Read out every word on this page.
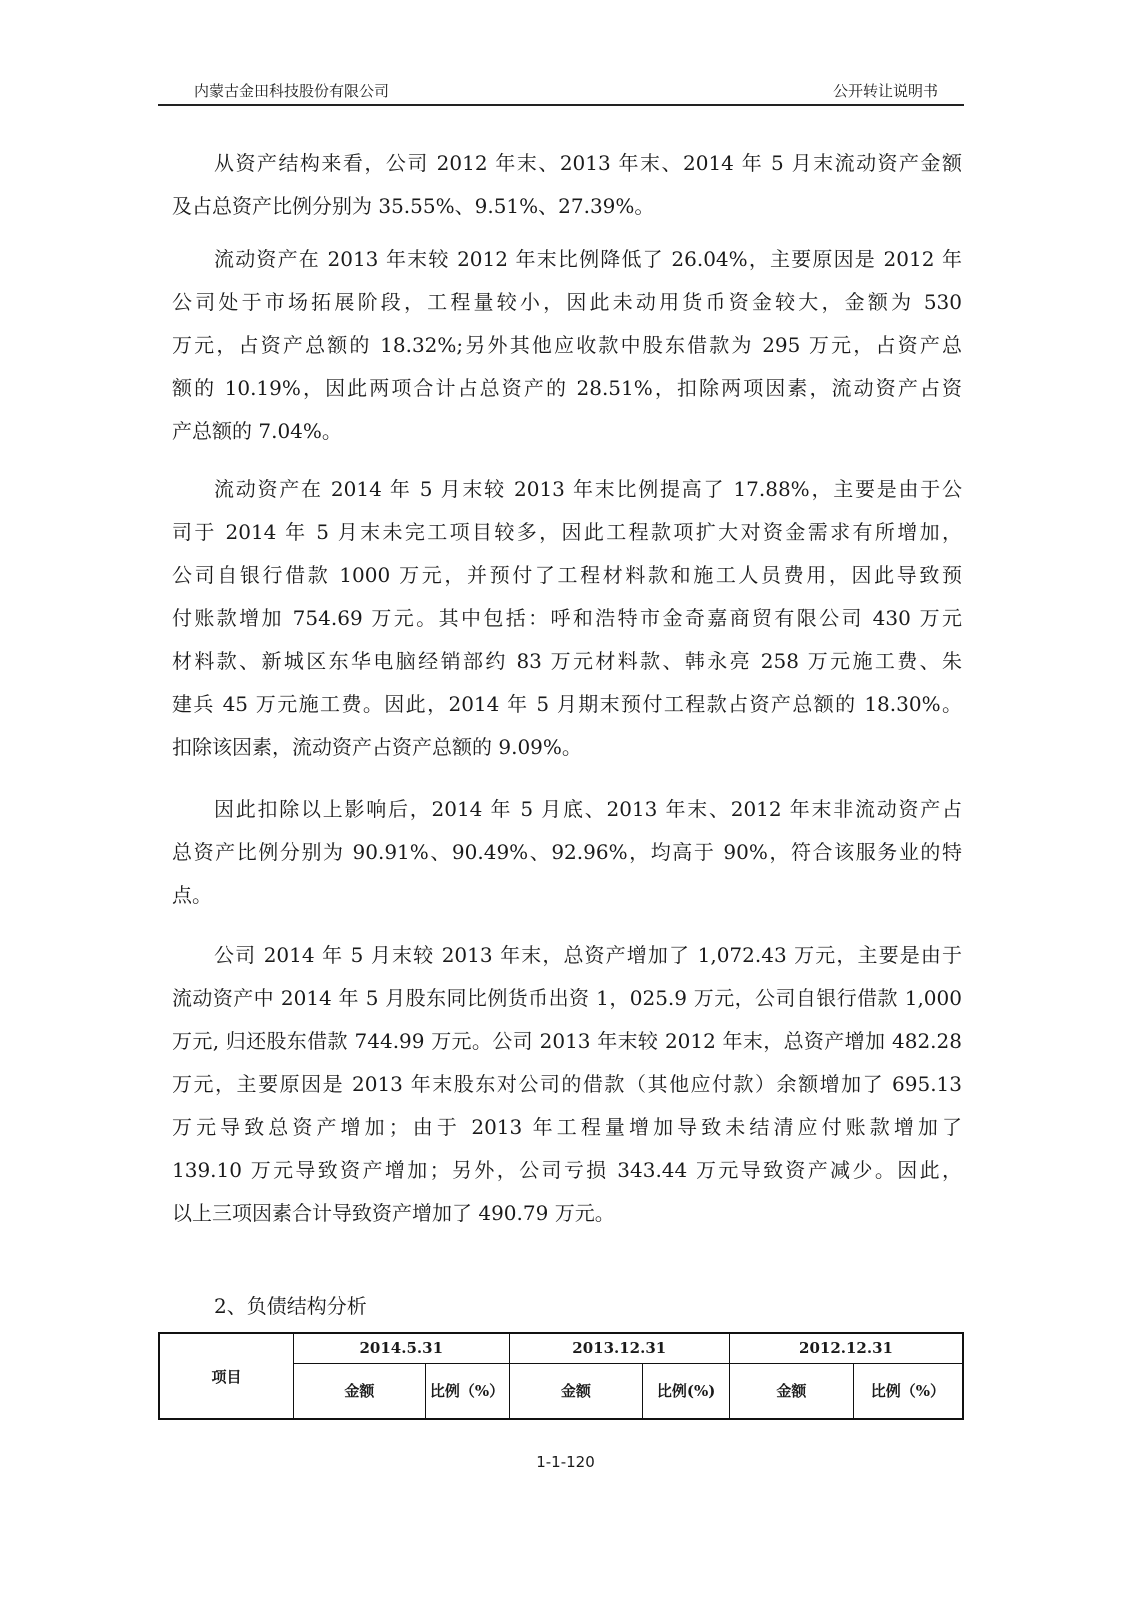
内蒙古金田科技股份有限公司	公开转让说明书
从资产结构来看，公司 2012 年末、2013 年末、2014 年 5 月末流动资产金额
及占总资产比例分别为 35.55%、9.51%、27.39%。
流动资产在 2013 年末较 2012 年末比例降低了 26.04%，主要原因是 2012 年
公司处于市场拓展阶段，工程量较小，因此未动用货币资金较大，金额为 530
万元，占资产总额的 18.32%;另外其他应收款中股东借款为 295 万元，占资产总
额的 10.19%，因此两项合计占总资产的 28.51%，扣除两项因素，流动资产占资
产总额的 7.04%。
流动资产在 2014 年 5 月末较 2013 年末比例提高了 17.88%，主要是由于公
司于 2014 年 5 月末未完工项目较多，因此工程款项扩大对资金需求有所增加，
公司自银行借款 1000 万元，并预付了工程材料款和施工人员费用，因此导致预
付账款增加 754.69 万元。其中包括：呼和浩特市金奇嘉商贸有限公司 430 万元
材料款、新城区东华电脑经销部约 83 万元材料款、韩永亮 258 万元施工费、朱
建兵 45 万元施工费。因此，2014 年 5 月期末预付工程款占资产总额的 18.30%。
扣除该因素，流动资产占资产总额的 9.09%。
因此扣除以上影响后，2014 年 5 月底、2013 年末、2012 年末非流动资产占
总资产比例分别为 90.91%、90.49%、92.96%，均高于 90%，符合该服务业的特
点。
公司 2014 年 5 月末较 2013 年末，总资产增加了 1,072.43 万元，主要是由于
流动资产中 2014 年 5 月股东同比例货币出资 1，025.9 万元，公司自银行借款 1,000
万元, 归还股东借款 744.99 万元。公司 2013 年末较 2012 年末，总资产增加 482.28
万元，主要原因是 2013 年末股东对公司的借款（其他应付款）余额增加了 695.13
万元导致总资产增加；由于 2013 年工程量增加导致未结清应付账款增加了
139.10 万元导致资产增加；另外，公司亏损 343.44 万元导致资产减少。因此，
以上三项因素合计导致资产增加了 490.79 万元。
2、负债结构分析
项目	2014.5.31		2013.12.31		2012.12.31	
	金额	比例（%）	金额	比例(%)	金额	比例（%）
1-1-120
